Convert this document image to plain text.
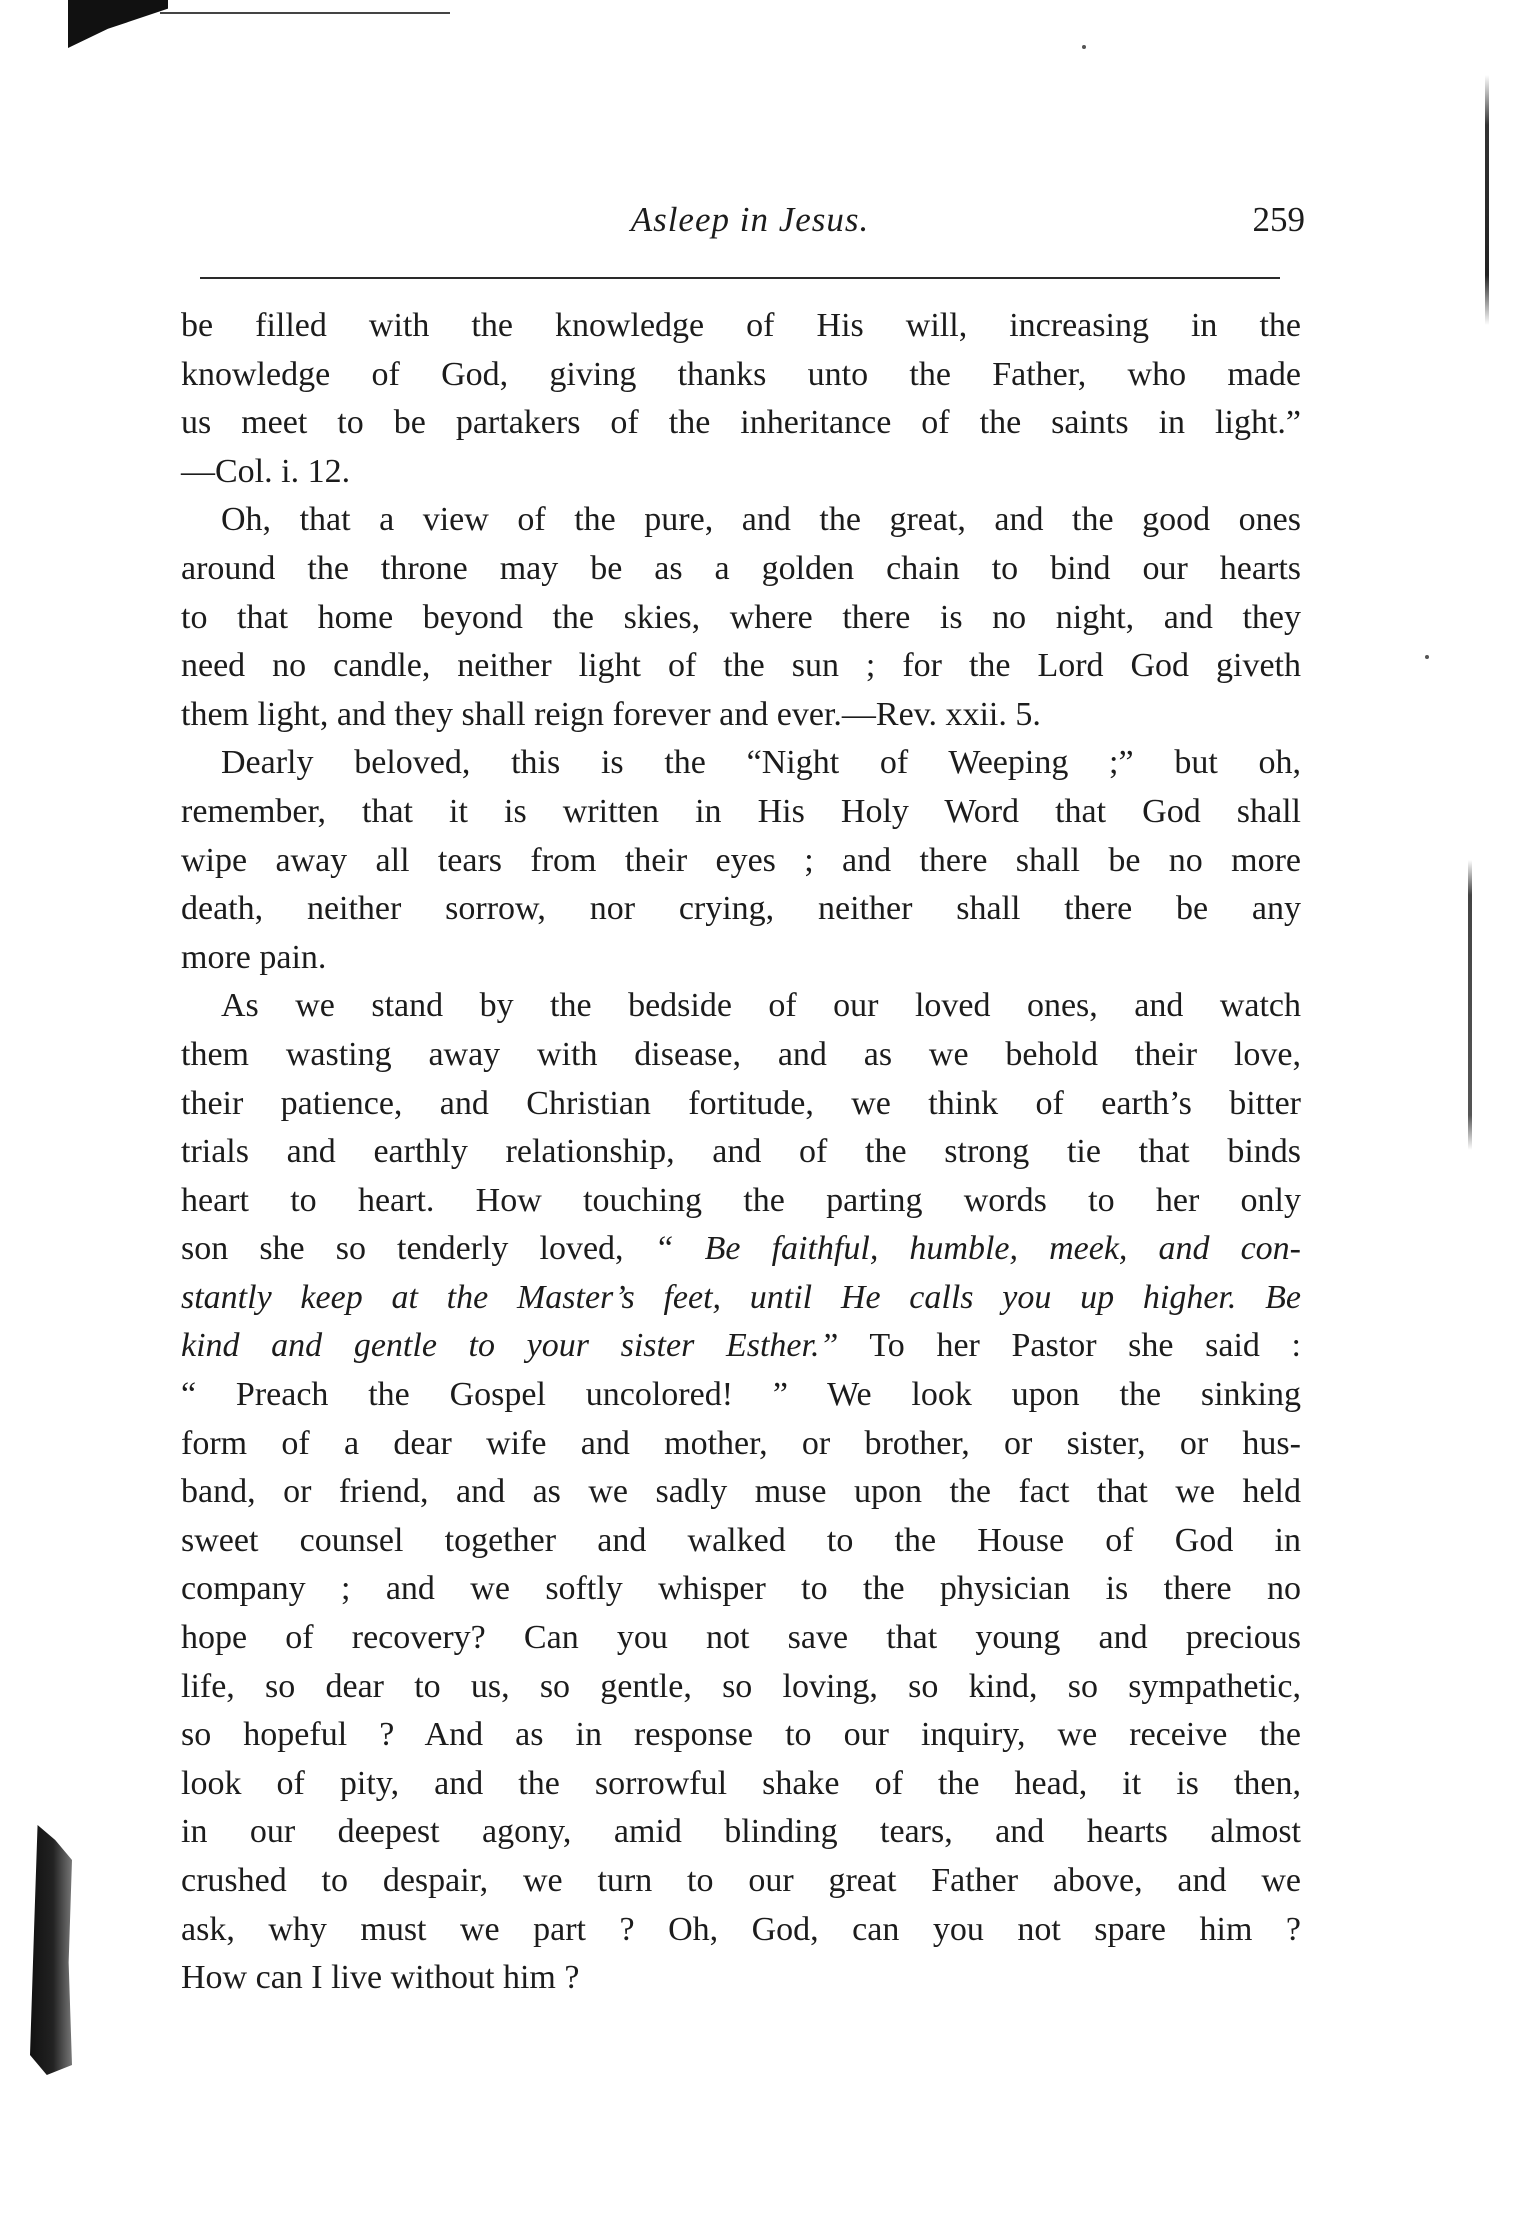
Asleep in Jesus.	259
be filled with the knowledge of His will, increasing in the
knowledge of God, giving thanks unto the Father, who made
us meet to be partakers of the inheritance of the saints in light.”
—Col. i. 12.
Oh, that a view of the pure, and the great, and the good ones
around the throne may be as a golden chain to bind our hearts
to that home beyond the skies, where there is no night, and they
need no candle, neither light of the sun ; for the Lord God giveth
them light, and they shall reign forever and ever.—Rev. xxii. 5.
Dearly beloved, this is the “Night of Weeping ;” but oh,
remember, that it is written in His Holy Word that God shall
wipe away all tears from their eyes ; and there shall be no more
death, neither sorrow, nor crying, neither shall there be any
more pain.
As we stand by the bedside of our loved ones, and watch
them wasting away with disease, and as we behold their love,
their patience, and Christian fortitude, we think of earth’s bitter
trials and earthly relationship, and of the strong tie that binds
heart to heart. How touching the parting words to her only
son she so tenderly loved, “ Be faithful, humble, meek, and con-
stantly keep at the Master’s feet, until He calls you up higher. Be
kind and gentle to your sister Esther.” To her Pastor she said :
“ Preach the Gospel uncolored! ” We look upon the sinking
form of a dear wife and mother, or brother, or sister, or hus-
band, or friend, and as we sadly muse upon the fact that we held
sweet counsel together and walked to the House of God in
company ; and we softly whisper to the physician is there no
hope of recovery? Can you not save that young and precious
life, so dear to us, so gentle, so loving, so kind, so sympathetic,
so hopeful ? And as in response to our inquiry, we receive the
look of pity, and the sorrowful shake of the head, it is then,
in our deepest agony, amid blinding tears, and hearts almost
crushed to despair, we turn to our great Father above, and we
ask, why must we part ? Oh, God, can you not spare him ?
How can I live without him ?
